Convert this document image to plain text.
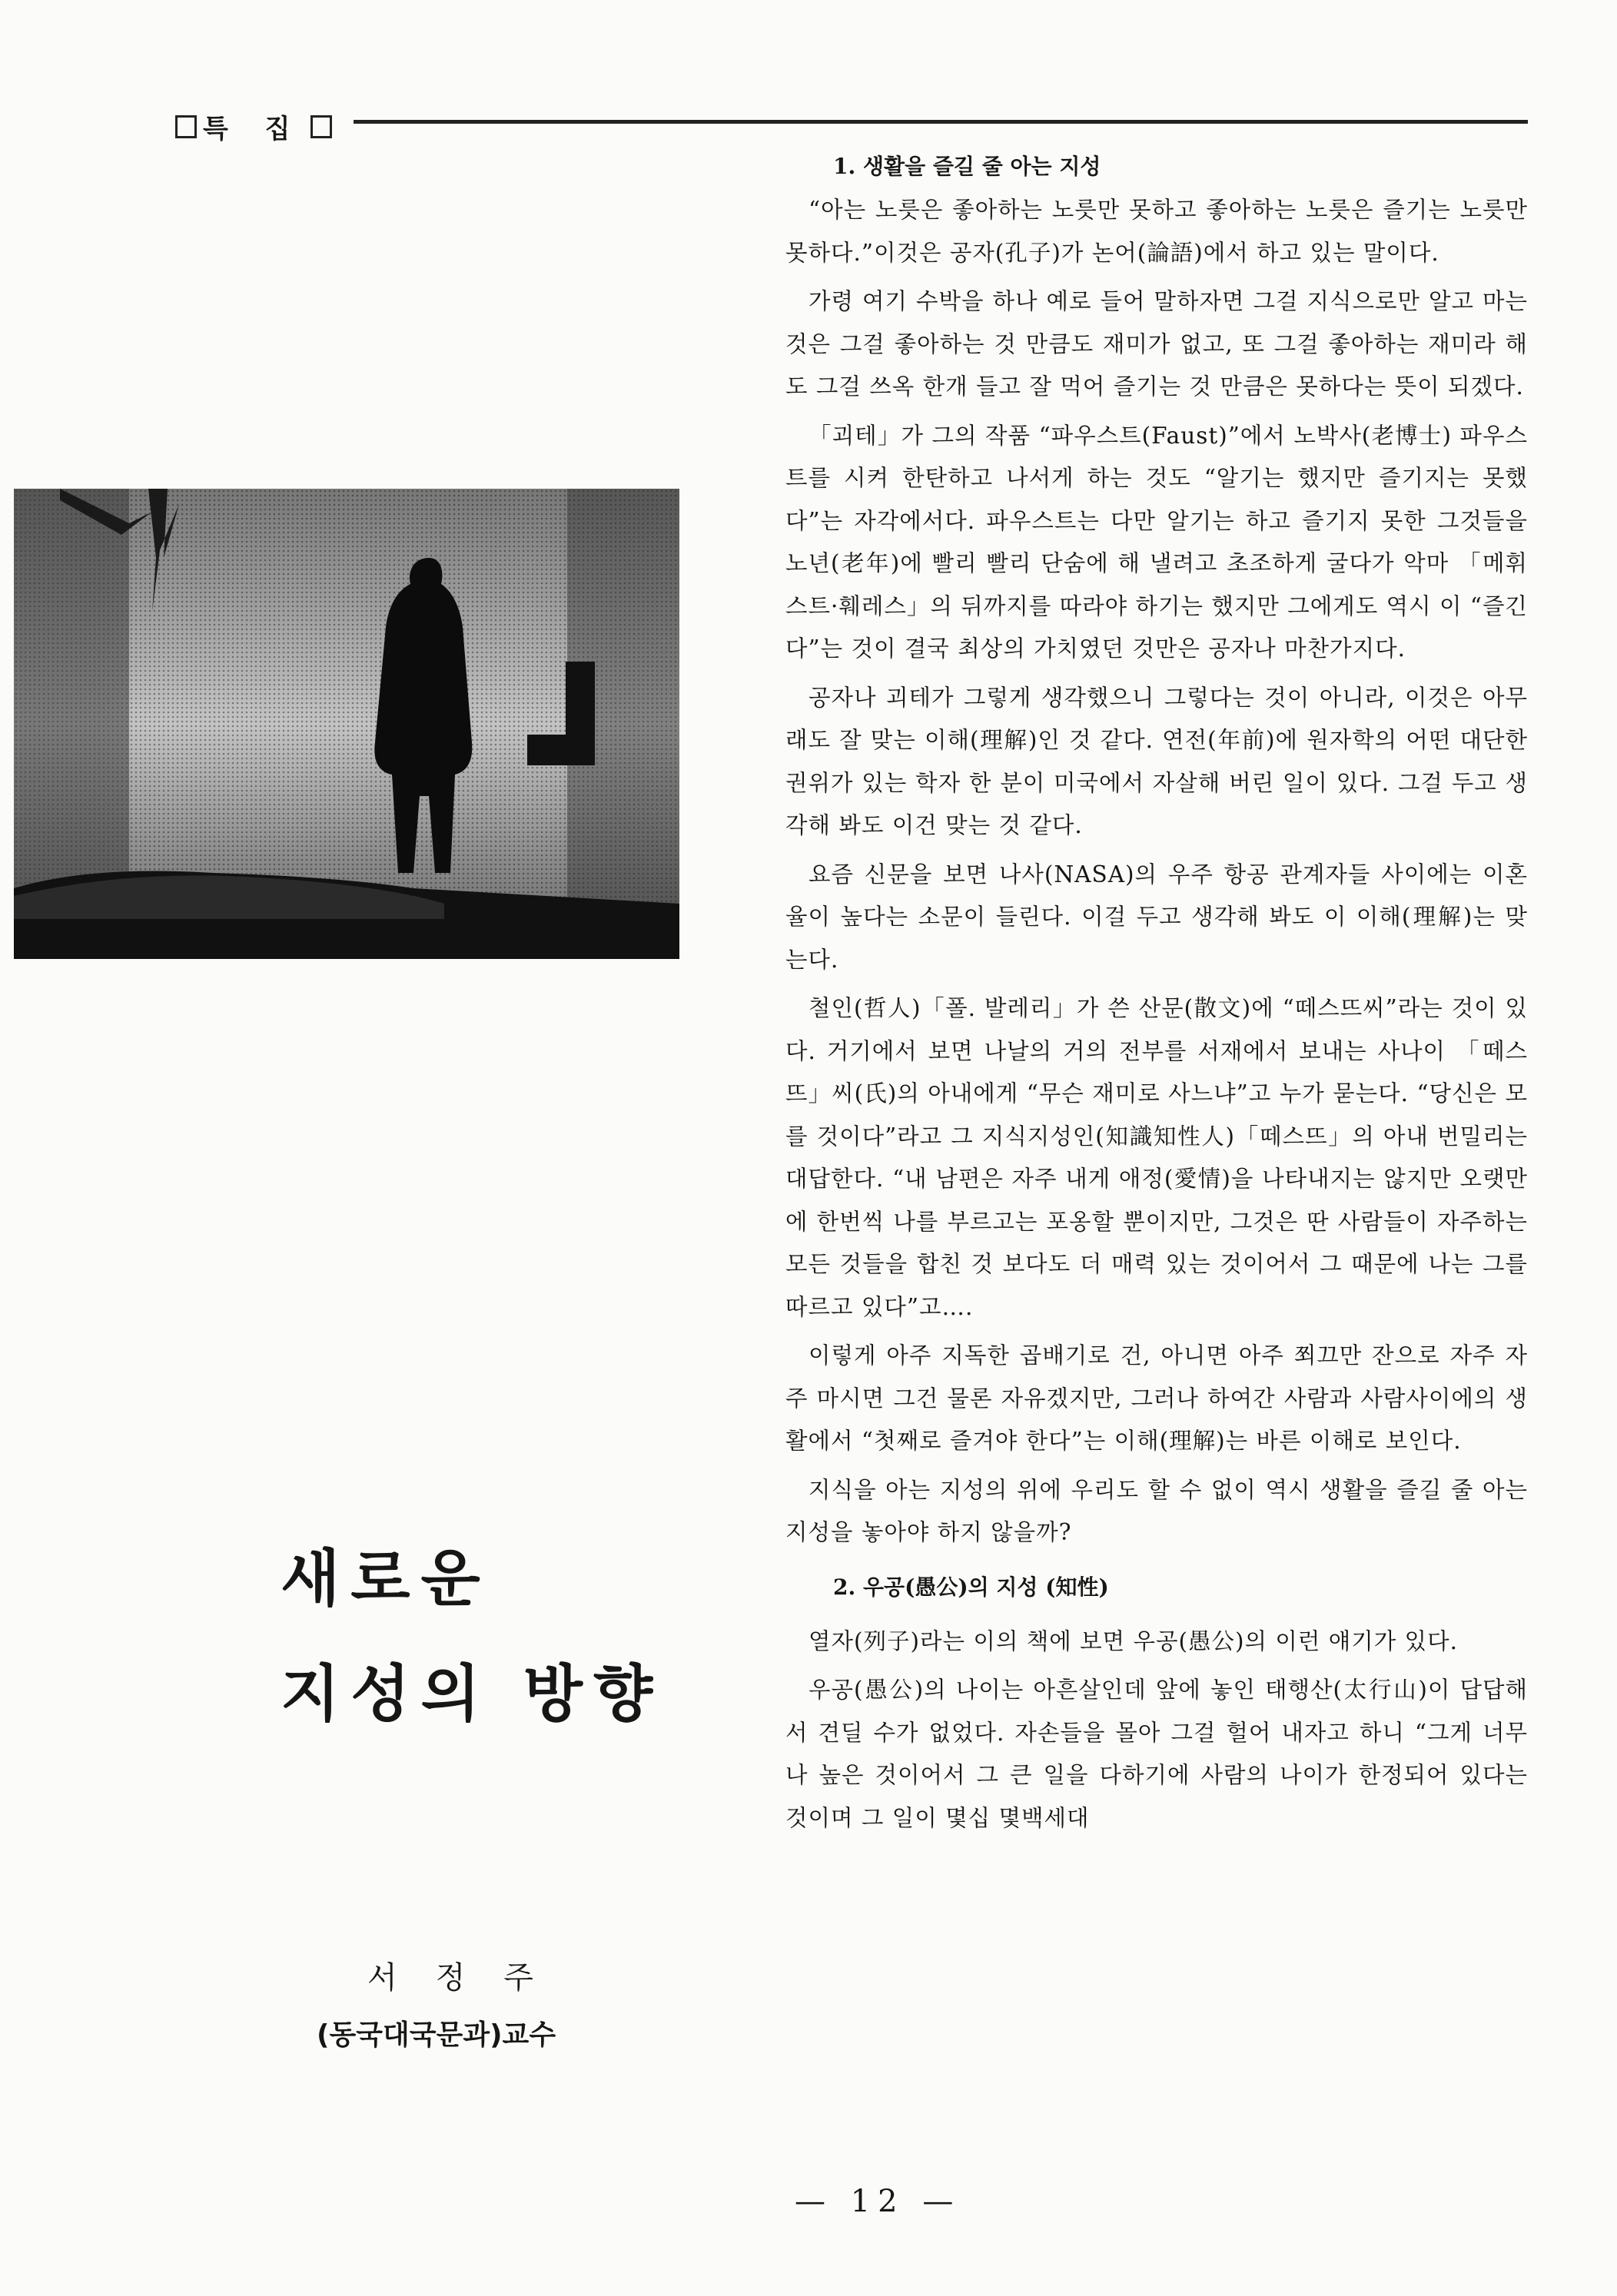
특 집
새로운
지성의 방향
서정주
(동국대국문과)교수
1. 생활을 즐길 줄 아는 지성

“아는 노릇은 좋아하는 노릇만 못하고 좋아하는 노릇은 즐기는 노릇만 못하다.”이것은 공자(孔子)가 논어(論語)에서 하고 있는 말이다.

가령 여기 수박을 하나 예로 들어 말하자면 그걸 지식으로만 알고 마는 것은 그걸 좋아하는 것 만큼도 재미가 없고, 또 그걸 좋아하는 재미라 해도 그걸 쓰옥 한개 들고 잘 먹어 즐기는 것 만큼은 못하다는 뜻이 되겠다.

「괴테」가 그의 작품 “파우스트(Faust)”에서 노박사(老博士) 파우스트를 시켜 한탄하고 나서게 하는 것도 “알기는 했지만 즐기지는 못했다”는 자각에서다. 파우스트는 다만 알기는 하고 즐기지 못한 그것들을 노년(老年)에 빨리 빨리 단숨에 해 낼려고 초조하게 굴다가 악마 「메휘스트·훼레스」의 뒤까지를 따라야 하기는 했지만 그에게도 역시 이 “즐긴다”는 것이 결국 최상의 가치였던 것만은 공자나 마찬가지다.

공자나 괴테가 그렇게 생각했으니 그렇다는 것이 아니라, 이것은 아무래도 잘 맞는 이해(理解)인 것 같다. 연전(年前)에 원자학의 어떤 대단한 권위가 있는 학자 한 분이 미국에서 자살해 버린 일이 있다. 그걸 두고 생각해 봐도 이건 맞는 것 같다.

요즘 신문을 보면 나사(NASA)의 우주 항공 관계자들 사이에는 이혼율이 높다는 소문이 들린다. 이걸 두고 생각해 봐도 이 이해(理解)는 맞는다.

철인(哲人)「폴. 발레리」가 쓴 산문(散文)에 “떼스뜨씨”라는 것이 있다. 거기에서 보면 나날의 거의 전부를 서재에서 보내는 사나이 「떼스뜨」씨(氏)의 아내에게 “무슨 재미로 사느냐”고 누가 묻는다. “당신은 모를 것이다”라고 그 지식지성인(知識知性人)「떼스뜨」의 아내 번밀리는 대답한다. “내 남편은 자주 내게 애정(愛情)을 나타내지는 않지만 오랫만에 한번씩 나를 부르고는 포옹할 뿐이지만, 그것은 딴 사람들이 자주하는 모든 것들을 합친 것 보다도 더 매력 있는 것이어서 그 때문에 나는 그를 따르고 있다”고….

이렇게 아주 지독한 곱배기로 건, 아니면 아주 쬐끄만 잔으로 자주 자주 마시면 그건 물론 자유겠지만, 그러나 하여간 사람과 사람사이에의 생활에서 “첫째로 즐겨야 한다”는 이해(理解)는 바른 이해로 보인다.

지식을 아는 지성의 위에 우리도 할 수 없이 역시 생활을 즐길 줄 아는 지성을 놓아야 하지 않을까?

2. 우공(愚公)의 지성 (知性)

열자(列子)라는 이의 책에 보면 우공(愚公)의 이런 얘기가 있다.

우공(愚公)의 나이는 아흔살인데 앞에 놓인 태행산(太行山)이 답답해서 견딜 수가 없었다. 자손들을 몰아 그걸 헐어 내자고 하니 “그게 너무나 높은 것이어서 그 큰 일을 다하기에 사람의 나이가 한정되어 있다는 것이며 그 일이 몇십 몇백세대

— 12 —
